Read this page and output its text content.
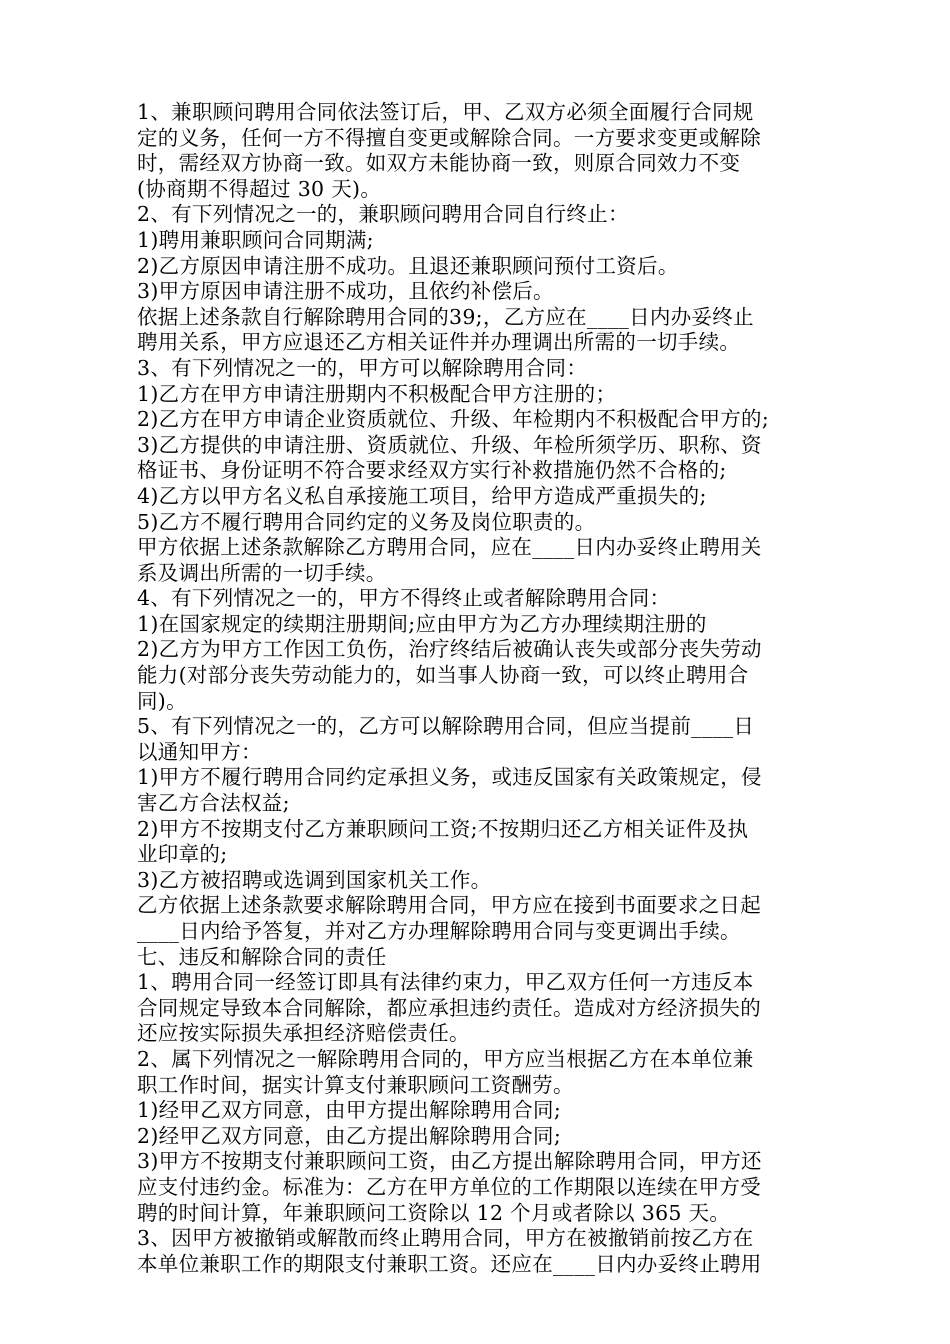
1、兼职顾问聘用合同依法签订后，甲、乙双方必须全面履行合同规
定的义务，任何一方不得擅自变更或解除合同。一方要求变更或解除
时，需经双方协商一致。如双方未能协商一致，则原合同效力不变
(协商期不得超过 30 天)。
2、有下列情况之一的，兼职顾问聘用合同自行终止：
1)聘用兼职顾问合同期满;
2)乙方原因申请注册不成功。且退还兼职顾问预付工资后。
3)甲方原因申请注册不成功，且依约补偿后。
依据上述条款自行解除聘用合同的39;，乙方应在____日内办妥终止
聘用关系，甲方应退还乙方相关证件并办理调出所需的一切手续。
3、有下列情况之一的，甲方可以解除聘用合同：
1)乙方在甲方申请注册期内不积极配合甲方注册的；
2)乙方在甲方申请企业资质就位、升级、年检期内不积极配合甲方的;
3)乙方提供的申请注册、资质就位、升级、年检所须学历、职称、资
格证书、身份证明不符合要求经双方实行补救措施仍然不合格的;
4)乙方以甲方名义私自承接施工项目，给甲方造成严重损失的;
5)乙方不履行聘用合同约定的义务及岗位职责的。
甲方依据上述条款解除乙方聘用合同，应在____日内办妥终止聘用关
系及调出所需的一切手续。
4、有下列情况之一的，甲方不得终止或者解除聘用合同：
1)在国家规定的续期注册期间;应由甲方为乙方办理续期注册的
2)乙方为甲方工作因工负伤，治疗终结后被确认丧失或部分丧失劳动
能力(对部分丧失劳动能力的，如当事人协商一致，可以终止聘用合
同)。
5、有下列情况之一的，乙方可以解除聘用合同，但应当提前____日
以通知甲方：
1)甲方不履行聘用合同约定承担义务，或违反国家有关政策规定，侵
害乙方合法权益;
2)甲方不按期支付乙方兼职顾问工资;不按期归还乙方相关证件及执
业印章的;
3)乙方被招聘或选调到国家机关工作。
乙方依据上述条款要求解除聘用合同，甲方应在接到书面要求之日起
____日内给予答复，并对乙方办理解除聘用合同与变更调出手续。
七、违反和解除合同的责任
1、聘用合同一经签订即具有法律约束力，甲乙双方任何一方违反本
合同规定导致本合同解除，都应承担违约责任。造成对方经济损失的
还应按实际损失承担经济赔偿责任。
2、属下列情况之一解除聘用合同的，甲方应当根据乙方在本单位兼
职工作时间，据实计算支付兼职顾问工资酬劳。
1)经甲乙双方同意，由甲方提出解除聘用合同;
2)经甲乙双方同意，由乙方提出解除聘用合同;
3)甲方不按期支付兼职顾问工资，由乙方提出解除聘用合同，甲方还
应支付违约金。标准为：乙方在甲方单位的工作期限以连续在甲方受
聘的时间计算，年兼职顾问工资除以 12 个月或者除以 365 天。
3、因甲方被撤销或解散而终止聘用合同，甲方在被撤销前按乙方在
本单位兼职工作的期限支付兼职工资。还应在____日内办妥终止聘用
